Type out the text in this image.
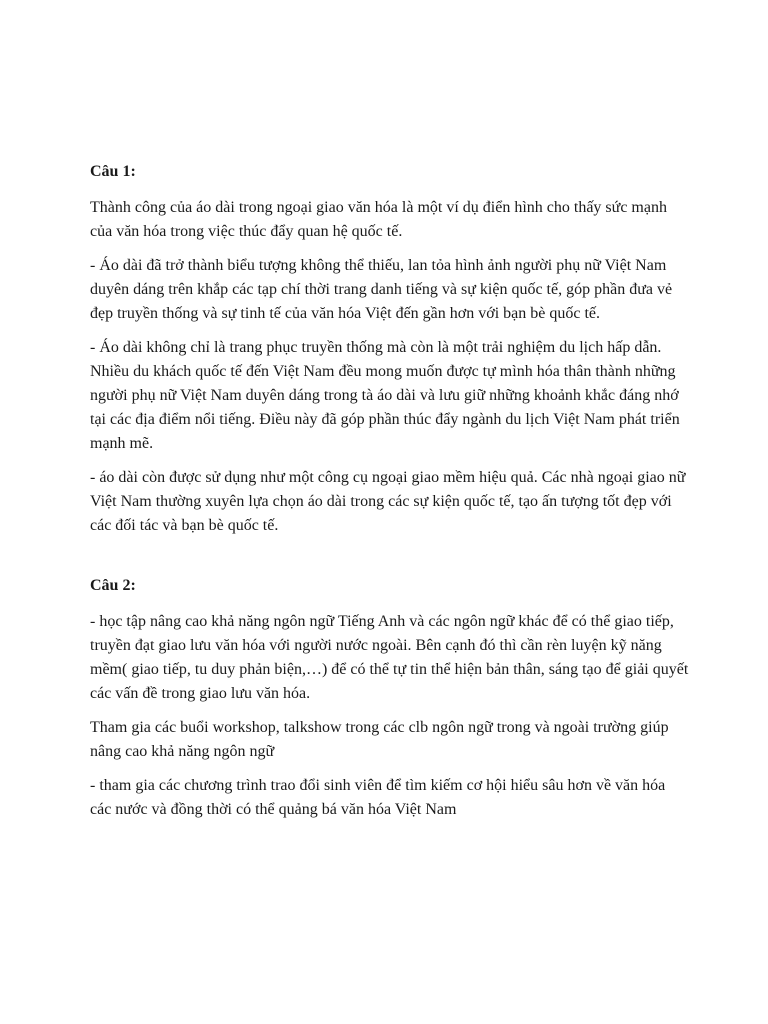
Câu 1:

Thành công của áo dài trong ngoại giao văn hóa là một ví dụ điển hình cho thấy sức mạnh của văn hóa trong việc thúc đẩy quan hệ quốc tế.

- Áo dài đã trở thành biểu tượng không thể thiếu, lan tỏa hình ảnh người phụ nữ Việt Nam duyên dáng trên khắp các tạp chí thời trang danh tiếng và sự kiện quốc tế, góp phần đưa vẻ đẹp truyền thống và sự tinh tế của văn hóa Việt đến gần hơn với bạn bè quốc tế.

- Áo dài không chỉ là trang phục truyền thống mà còn là một trải nghiệm du lịch hấp dẫn. Nhiều du khách quốc tế đến Việt Nam đều mong muốn được tự mình hóa thân thành những người phụ nữ Việt Nam duyên dáng trong tà áo dài và lưu giữ những khoảnh khắc đáng nhớ tại các địa điểm nổi tiếng. Điều này đã góp phần thúc đẩy ngành du lịch Việt Nam phát triển mạnh mẽ.

- áo dài còn được sử dụng như một công cụ ngoại giao mềm hiệu quả. Các nhà ngoại giao nữ Việt Nam thường xuyên lựa chọn áo dài trong các sự kiện quốc tế, tạo ấn tượng tốt đẹp với các đối tác và bạn bè quốc tế.

Câu 2:

- học tập nâng cao khả năng ngôn ngữ Tiếng Anh và các ngôn ngữ khác để có thể giao tiếp, truyền đạt giao lưu văn hóa với người nước ngoài. Bên cạnh đó thì cần rèn luyện kỹ năng mềm( giao tiếp, tu duy phản biện,…) để có thể tự tin thể hiện bản thân, sáng tạo để giải quyết các vấn đề trong giao lưu văn hóa.

Tham gia các buổi workshop, talkshow trong các clb ngôn ngữ trong và ngoài trường giúp nâng cao khả năng ngôn ngữ

- tham gia các chương trình trao đổi sinh viên để tìm kiếm cơ hội hiểu sâu hơn về văn hóa các nước và đồng thời có thể quảng bá văn hóa Việt Nam
